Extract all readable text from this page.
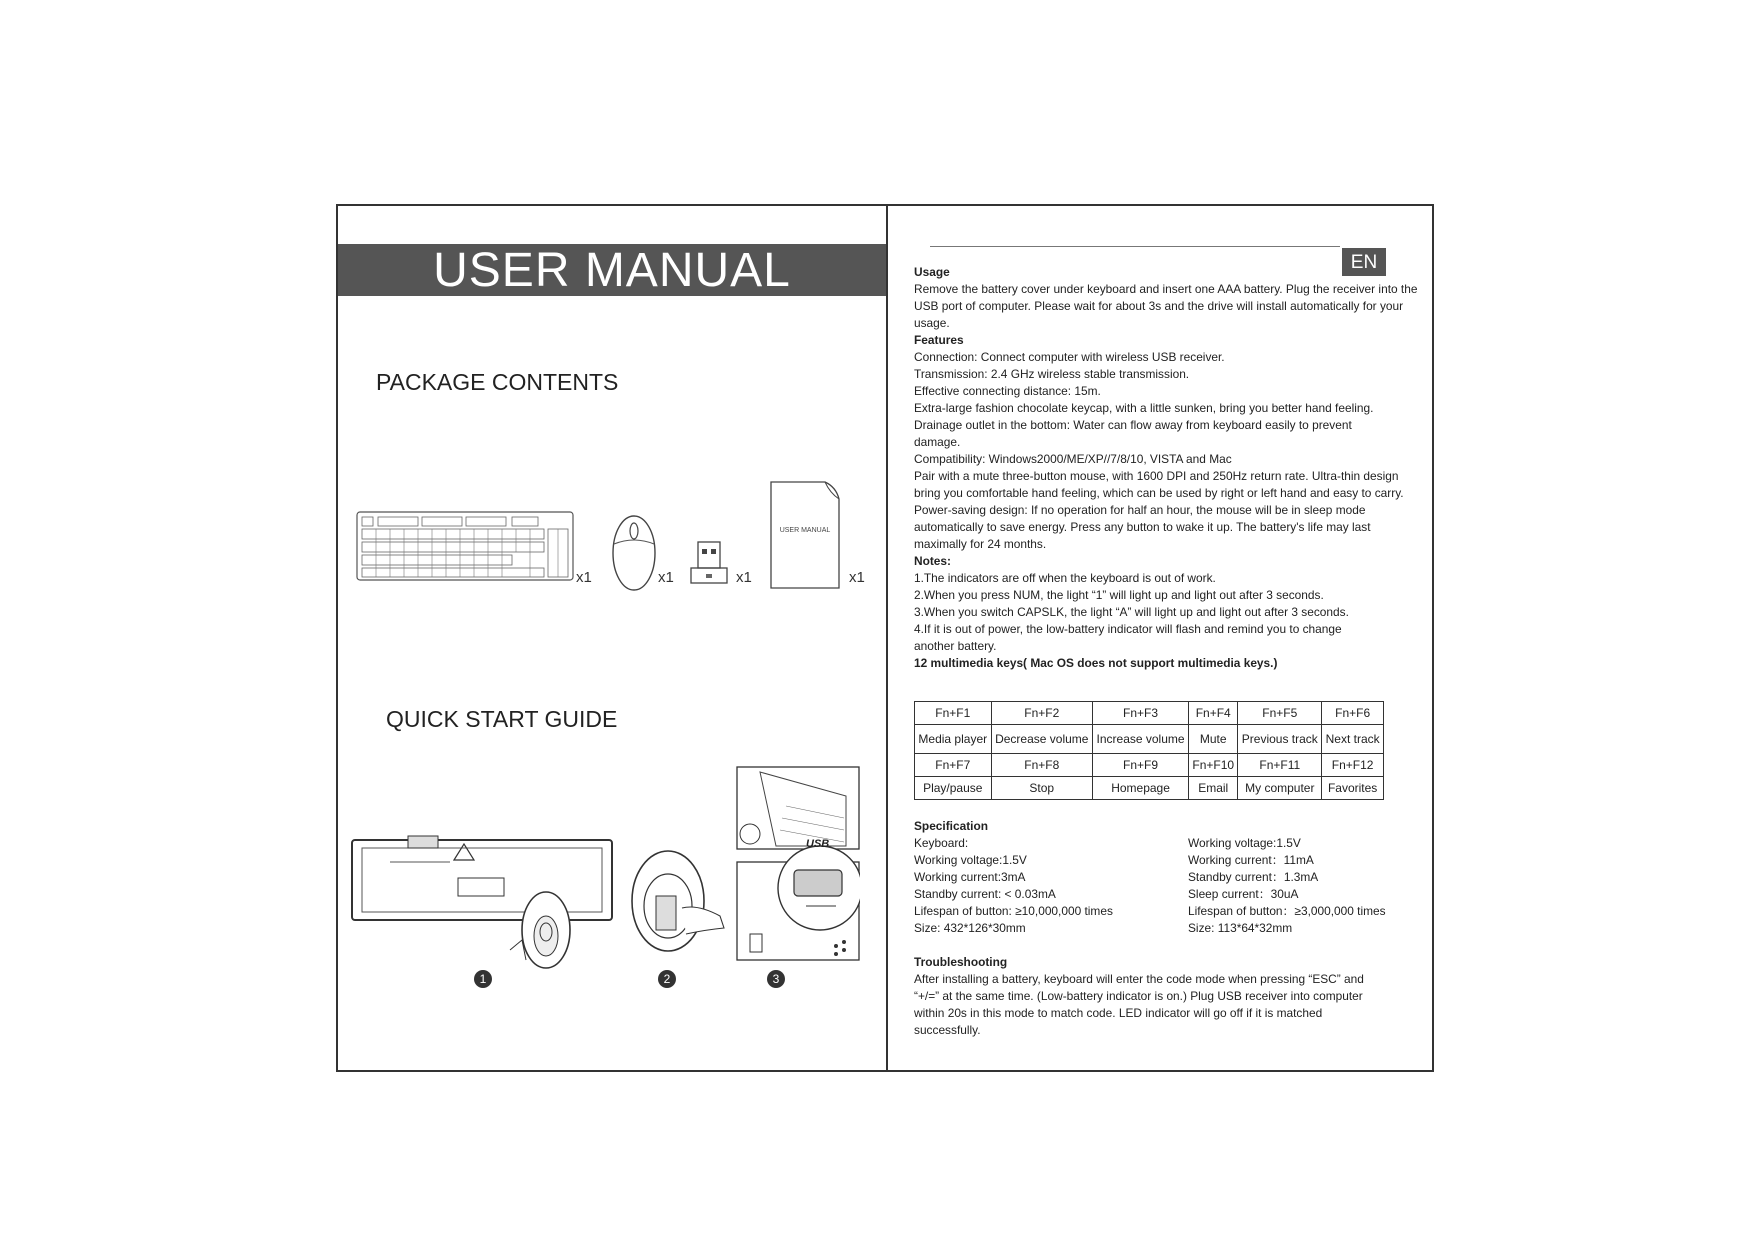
USER MANUAL
PACKAGE CONTENTS
x1	x1	x1
USER MANUAL
x1
QUICK START GUIDE
USB
1	2	3
EN

Usage

Remove the battery cover under keyboard and insert one AAA battery. Plug the receiver into the USB port of computer. Please wait for about 3s and the drive will install automatically for your usage.

Features

Connection: Connect computer with wireless USB receiver.

Transmission: 2.4 GHz wireless stable transmission.

Effective connecting distance: 15m.

Extra-large fashion chocolate keycap, with a little sunken, bring you better hand feeling.

Drainage outlet in the bottom: Water can flow away from keyboard easily to prevent damage.

Compatibility: Windows2000/ME/XP//7/8/10, VISTA and Mac

Pair with a mute three-button mouse, with 1600 DPI and 250Hz return rate. Ultra-thin design bring you comfortable hand feeling, which can be used by right or left hand and easy to carry.

Power-saving design: If no operation for half an hour, the mouse will be in sleep mode automatically to save energy. Press any button to wake it up. The battery's life may last maximally for 24 months.

Notes:

1.The indicators are off when the keyboard is out of work.

2.When you press NUM, the light “1” will light up and light out after 3 seconds.

3.When you switch CAPSLK, the light “A” will light up and light out after 3 seconds.

4.If it is out of power, the low-battery indicator will flash and remind you to change another battery.

12 multimedia keys( Mac OS does not support multimedia keys.)

Fn+F1	Fn+F2	Fn+F3	Fn+F4	Fn+F5	Fn+F6
Media player	Decrease volume	Increase volume	Mute	Previous track	Next track
Fn+F7	Fn+F8	Fn+F9	Fn+F10	Fn+F11	Fn+F12
Play/pause	Stop	Homepage	Email	My computer	Favorites
Specification
Keyboard:
Working voltage:1.5V
Working current:3mA
Standby current: < 0.03mA
Lifespan of button: ≥10,000,000 times
Size: 432*126*30mm
Working voltage:1.5V
Working current：11mA
Standby current：1.3mA
Sleep current：30uA
Lifespan of button：≥3,000,000 times
Size: 113*64*32mm
Troubleshooting
After installing a battery, keyboard will enter the code mode when pressing “ESC” and “+/=” at the same time. (Low-battery indicator is on.) Plug USB receiver into computer within 20s in this mode to match code. LED indicator will go off if it is matched successfully.
